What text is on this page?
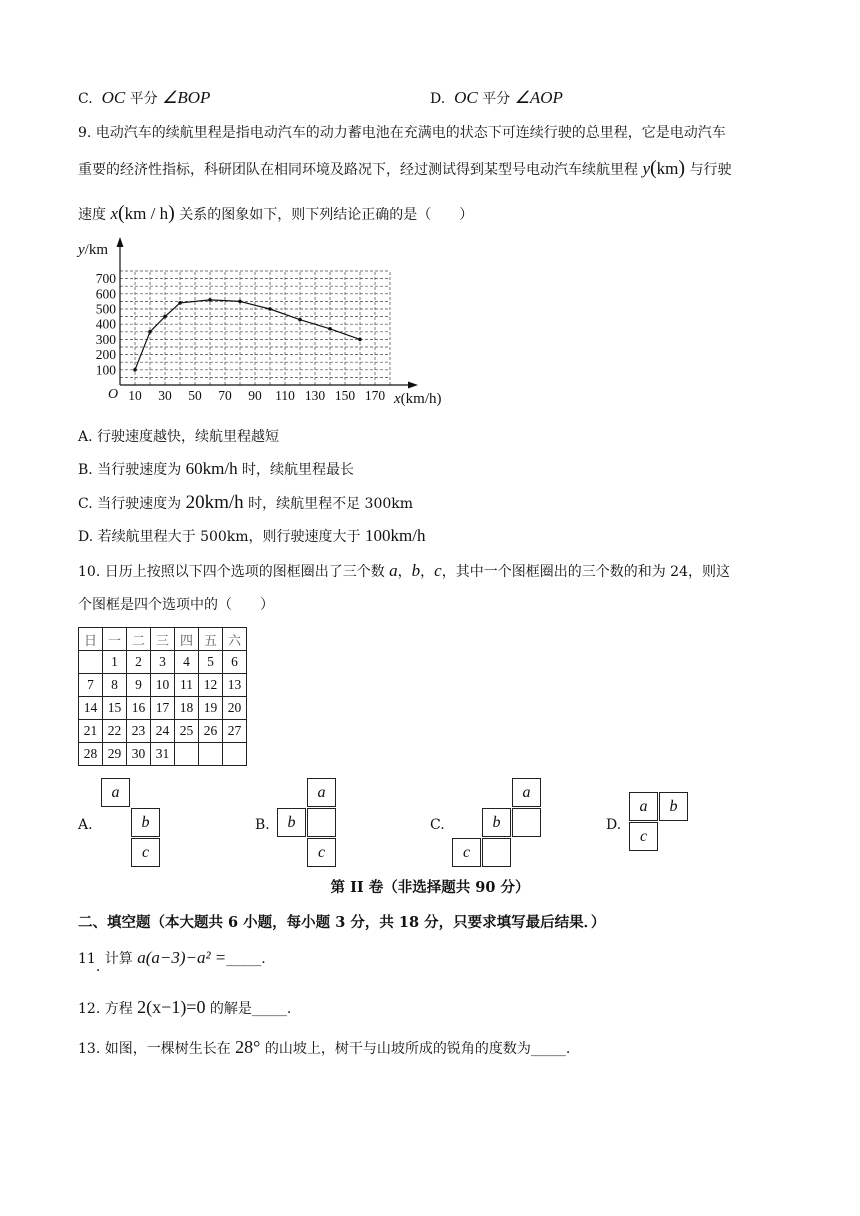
C. OC 平分 ∠BOP	D. OC 平分 ∠AOP
9. 电动汽车的续航里程是指电动汽车的动力蓄电池在充满电的状态下可连续行驶的总里程，它是电动汽车
重要的经济性指标，科研团队在相同环境及路况下，经过测试得到某型号电动汽车续航里程 y(km) 与行驶
速度 x(km / h) 关系的图象如下，则下列结论正确的是（　　）
y/km
x(km/h)
O 10 30 50 70 90 110 130 150 170
100
200
300
400
500
600
700
A. 行驶速度越快，续航里程越短
B. 当行驶速度为 60km/h 时，续航里程最长
C. 当行驶速度为 20km/h 时，续航里程不足 300km
D. 若续航里程大于 500km，则行驶速度大于 100km/h
10. 日历上按照以下四个选项的图框圈出了三个数 a，b，c，其中一个图框圈出的三个数的和为 24，则这
个图框是四个选项中的（　　）
日	一	二	三	四	五	六
	1	2	3	4	5	6
7	8	9	10	11	12	13
14	15	16	17	18	19	20
21	22	23	24	25	26	27
28	29	30	31			
A.
a
b
c
B.
a
b
c
C.
a
b
c
D.
a	b
c
第 II 卷（非选择题共 90 分）
二、填空题（本大题共 6 小题，每小题 3 分，共 18 分，只要求填写最后结果．）
11. 计算 a(a−3)−a² =_____.
12. 方程 2(x−1)=0 的解是_____.
13. 如图，一棵树生长在 28° 的山坡上，树干与山坡所成的锐角的度数为_____.
